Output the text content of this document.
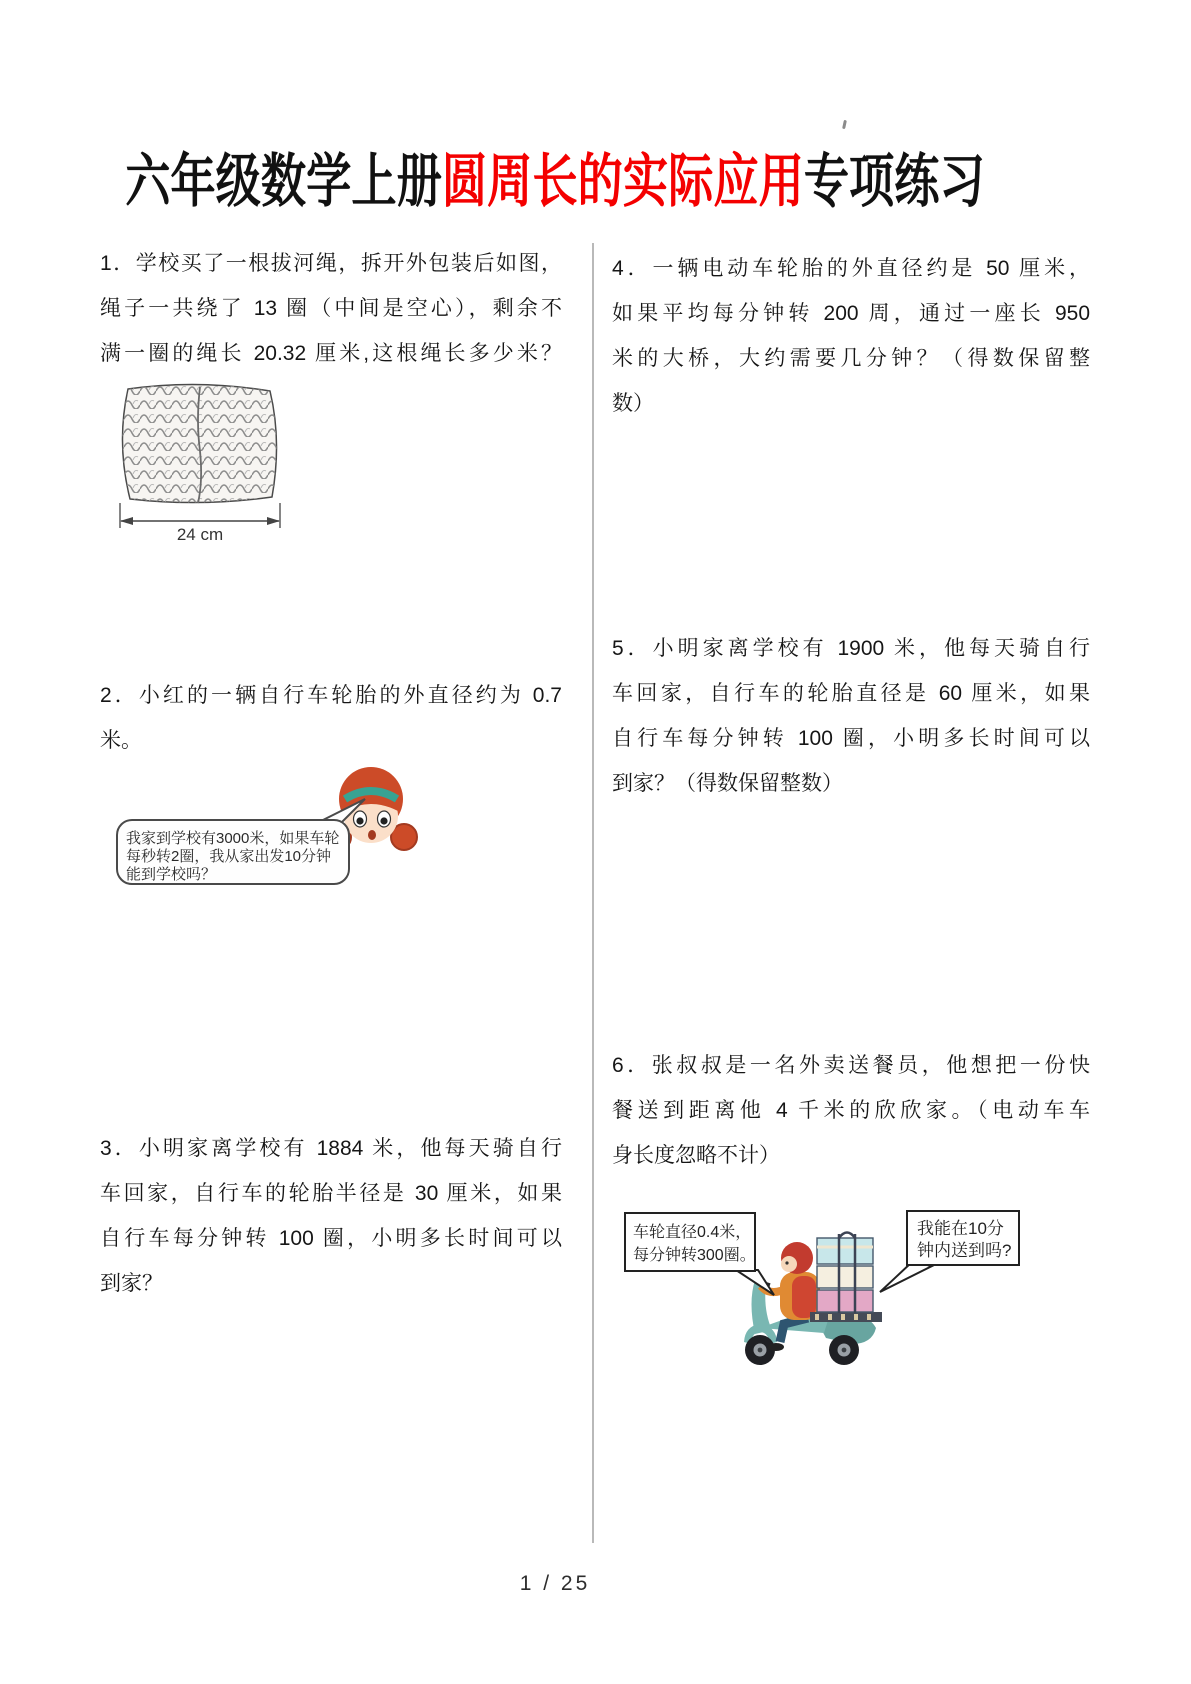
六年级数学上册圆周长的实际应用专项练习
1．学校买了一根拔河绳，拆开外包装后如图，
绳子一共绕了 13 圈（中间是空心），剩余不
满一圈的绳长 20.32 厘米,这根绳长多少米？
24 cm
2．小红的一辆自行车轮胎的外直径约为 0.7
米。
我家到学校有3000米，如果车轮
每秒转2圈，我从家出发10分钟
能到学校吗？
3．小明家离学校有 1884 米，他每天骑自行
车回家，自行车的轮胎半径是 30 厘米，如果
自行车每分钟转 100 圈，小明多长时间可以
到家？
4．一辆电动车轮胎的外直径约是 50 厘米，
如果平均每分钟转 200 周，通过一座长 950
米的大桥，大约需要几分钟？（得数保留整
数）
5．小明家离学校有 1900 米，他每天骑自行
车回家，自行车的轮胎直径是 60 厘米，如果
自行车每分钟转 100 圈，小明多长时间可以
到家？（得数保留整数）
6．张叔叔是一名外卖送餐员，他想把一份快
餐送到距离他 4 千米的欣欣家。（电动车车
身长度忽略不计）
车轮直径0.4米，
每分钟转300圈。
我能在10分
钟内送到吗?
1 / 25
